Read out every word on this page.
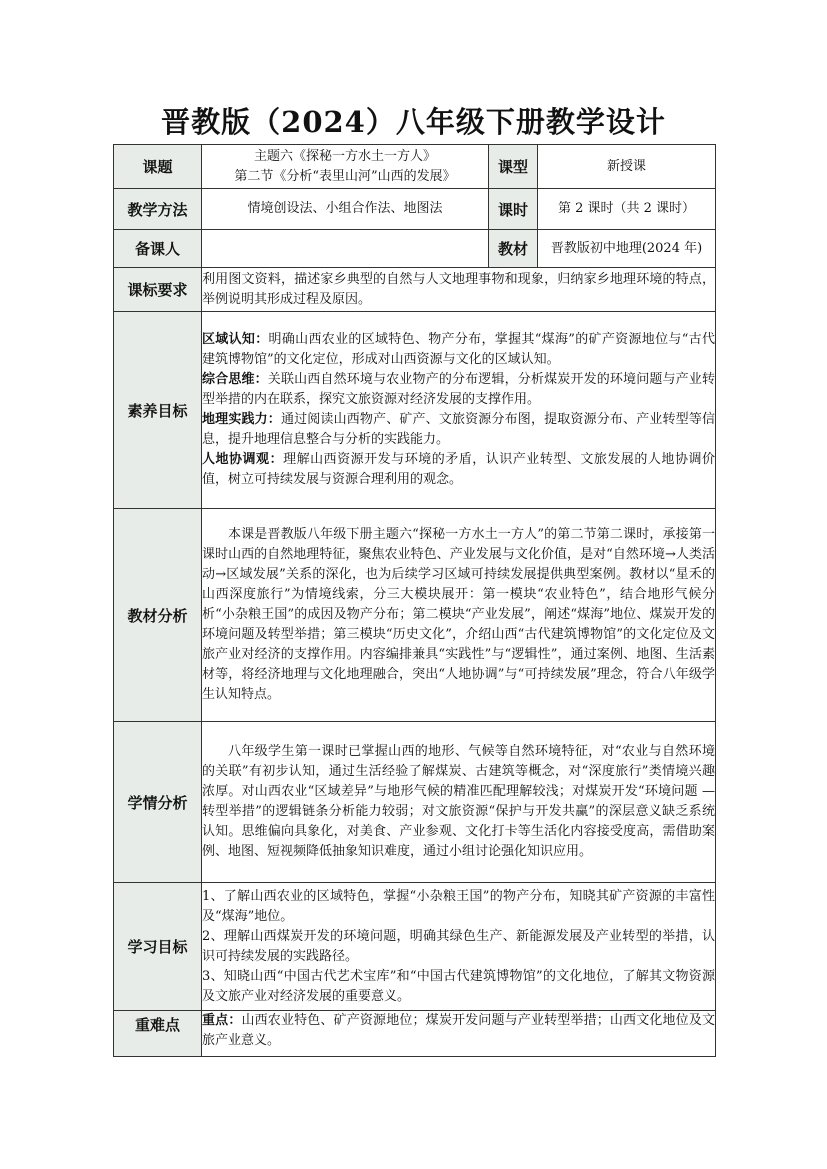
晋教版（2024）八年级下册教学设计
课题	主题六《探秘一方水土一方人》
第二节《分析“表里山河”山西的发展》	课型	新授课
教学方法	情境创设法、小组合作法、地图法	课时	第 2 课时（共 2 课时）
备课人		教材	晋教版初中地理(2024 年)
课标要求	利用图文资料，描述家乡典型的自然与人文地理事物和现象，归纳家乡地理环境的特点，举例说明其形成过程及原因。		
素养目标	区域认知：明确山西农业的区域特色、物产分布，掌握其“煤海”的矿产资源地位与“古代建筑博物馆”的文化定位，形成对山西资源与文化的区域认知。

综合思维：关联山西自然环境与农业物产的分布逻辑，分析煤炭开发的环境问题与产业转型举措的内在联系，探究文旅资源对经济发展的支撑作用。

地理实践力：通过阅读山西物产、矿产、文旅资源分布图，提取资源分布、产业转型等信息，提升地理信息整合与分析的实践能力。

人地协调观：理解山西资源开发与环境的矛盾，认识产业转型、文旅发展的人地协调价值，树立可持续发展与资源合理利用的观念。		

教材分析	本课是晋教版八年级下册主题六“探秘一方水土一方人”的第二节第二课时，承接第一课时山西的自然地理特征，聚焦农业特色、产业发展与文化价值，是对“自然环境→人类活动→区域发展”关系的深化，也为后续学习区域可持续发展提供典型案例。教材以“星禾的山西深度旅行”为情境线索，分三大模块展开：第一模块“农业特色”，结合地形气候分析“小杂粮王国”的成因及物产分布；第二模块“产业发展”，阐述“煤海”地位、煤炭开发的环境问题及转型举措；第三模块“历史文化”，介绍山西“古代建筑博物馆”的文化定位及文旅产业对经济的支撑作用。内容编排兼具“实践性”与“逻辑性”，通过案例、地图、生活素材等，将经济地理与文化地理融合，突出“人地协调”与“可持续发展”理念，符合八年级学生认知特点。		
学情分析	八年级学生第一课时已掌握山西的地形、气候等自然环境特征，对“农业与自然环境的关联”有初步认知，通过生活经验了解煤炭、古建筑等概念，对“深度旅行”类情境兴趣浓厚。对山西农业“区域差异”与地形气候的精准匹配理解较浅；对煤炭开发“环境问题 — 转型举措”的逻辑链条分析能力较弱；对文旅资源“保护与开发共赢”的深层意义缺乏系统认知。思维偏向具象化，对美食、产业参观、文化打卡等生活化内容接受度高，需借助案例、地图、短视频降低抽象知识难度，通过小组讨论强化知识应用。		
学习目标	1、了解山西农业的区域特色，掌握“小杂粮王国”的物产分布，知晓其矿产资源的丰富性及“煤海”地位。

2、理解山西煤炭开发的环境问题，明确其绿色生产、新能源发展及产业转型的举措，认识可持续发展的实践路径。

3、知晓山西“中国古代艺术宝库”和“中国古代建筑博物馆”的文化地位，了解其文物资源及文旅产业对经济发展的重要意义。		

重难点	重点：山西农业特色、矿产资源地位；煤炭开发问题与产业转型举措；山西文化地位及文旅产业意义。		
